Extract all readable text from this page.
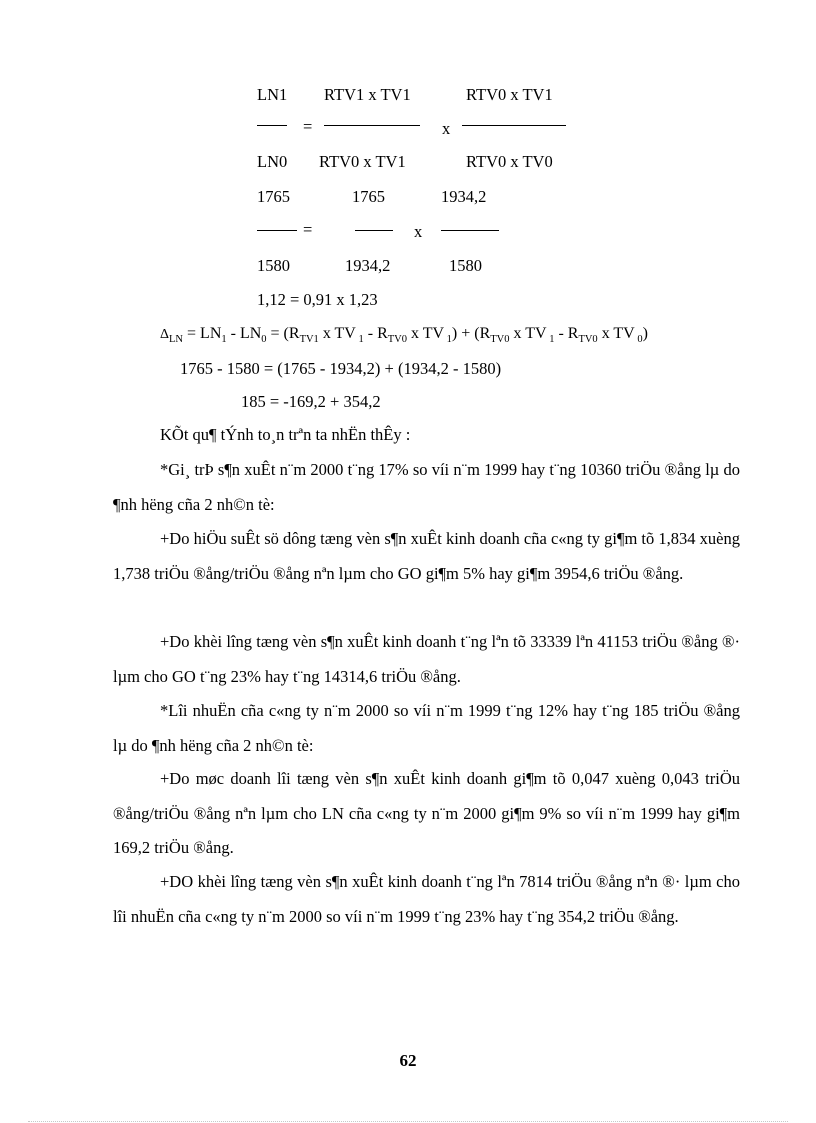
LN1 RTV1 x TV1	RTV0 x TV1
=	x
LN0 RTV0 x TV1	RTV0 x TV0
1765	1765	1934,2
=	x
1580	1934,2	1580
1,12 = 0,91 x 1,23
$\Delta_{LN} = LN_1 - LN_0 = (R_{TV1}$ x TV $_1 - R_{TV0}$ x TV $_1) + (R_{TV0}$ x TV $_1 - R_{TV0}$ x TV $_0$)
1765 - 1580 = (1765 - 1934,2) + (1934,2 - 1580)
185 = -169,2 + 354,2

KÕt qu¶ tÝnh to¸n trªn ta nhËn thÊy :

*Gi¸ trÞ s¶n xuÊt n¨m 2000 t¨ng 17% so víi n¨m 1999 hay t¨ng 10360 triÖu ®ång lµ do ¶nh hëng cña 2 nh©n tè:

+Do hiÖu suÊt sö dông tæng vèn s¶n xuÊt kinh doanh cña c«ng ty gi¶m tõ 1,834 xuèng 1,738 triÖu ®ång/triÖu ®ång nªn lµm cho GO gi¶m 5% hay gi¶m 3954,6 triÖu ®ång.

+Do khèi lîng tæng vèn s¶n xuÊt kinh doanh t¨ng lªn tõ 33339 lªn 41153 triÖu ®ång ®· lµm cho GO t¨ng 23% hay t¨ng 14314,6 triÖu ®ång.

*Lîi nhuËn cña c«ng ty n¨m 2000 so víi n¨m 1999 t¨ng 12% hay t¨ng 185 triÖu ®ång lµ do ¶nh hëng cña 2 nh©n tè:

+Do møc doanh lîi tæng vèn s¶n xuÊt kinh doanh gi¶m tõ 0,047 xuèng 0,043 triÖu ®ång/triÖu ®ång nªn lµm cho LN cña c«ng ty n¨m 2000 gi¶m 9% so víi n¨m 1999 hay gi¶m 169,2 triÖu ®ång.

+DO khèi lîng tæng vèn s¶n xuÊt kinh doanh t¨ng lªn 7814 triÖu ®ång nªn ®· lµm cho lîi nhuËn cña c«ng ty n¨m 2000 so víi n¨m 1999 t¨ng 23% hay t¨ng 354,2 triÖu ®ång.

62
